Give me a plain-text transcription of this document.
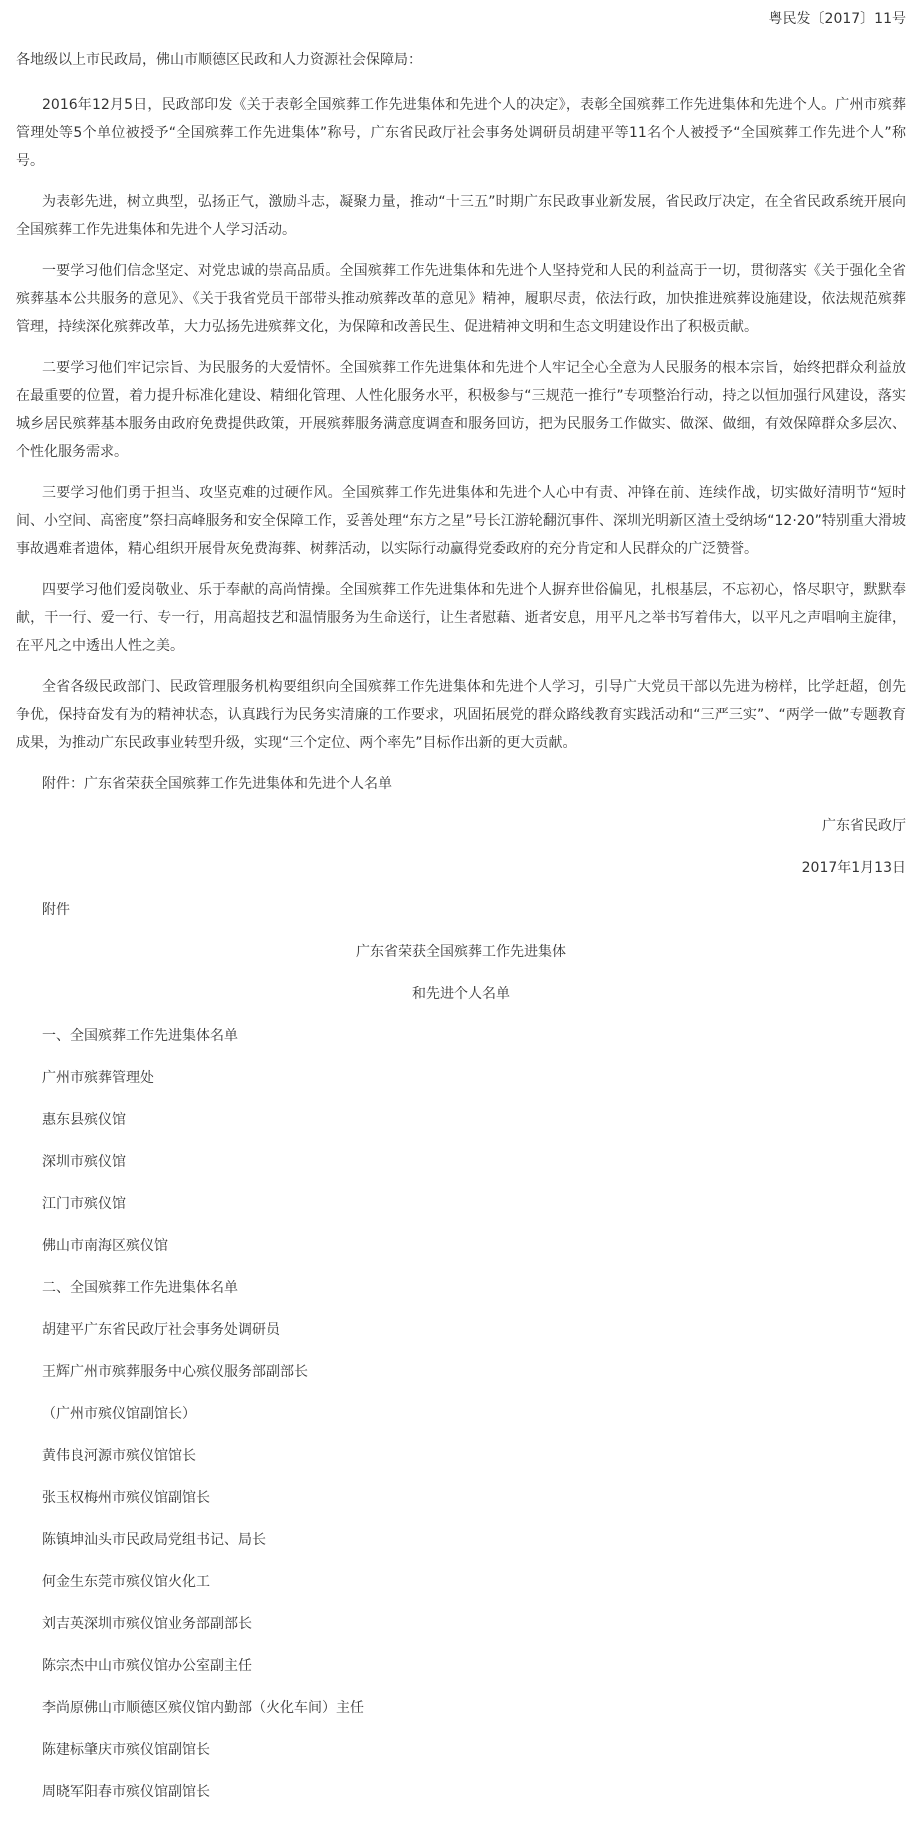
粤民发〔2017〕11号
各地级以上市民政局，佛山市顺德区民政和人力资源社会保障局：

2016年12月5日，民政部印发《关于表彰全国殡葬工作先进集体和先进个人的决定》，表彰全国殡葬工作先进集体和先进个人。广州市殡葬管理处等5个单位被授予“全国殡葬工作先进集体”称号，广东省民政厅社会事务处调研员胡建平等11名个人被授予“全国殡葬工作先进个人”称号。

为表彰先进，树立典型，弘扬正气，激励斗志，凝聚力量，推动“十三五”时期广东民政事业新发展，省民政厅决定，在全省民政系统开展向全国殡葬工作先进集体和先进个人学习活动。

一要学习他们信念坚定、对党忠诚的崇高品质。全国殡葬工作先进集体和先进个人坚持党和人民的利益高于一切，贯彻落实《关于强化全省殡葬基本公共服务的意见》、《关于我省党员干部带头推动殡葬改革的意见》精神，履职尽责，依法行政，加快推进殡葬设施建设，依法规范殡葬管理，持续深化殡葬改革，大力弘扬先进殡葬文化，为保障和改善民生、促进精神文明和生态文明建设作出了积极贡献。

二要学习他们牢记宗旨、为民服务的大爱情怀。全国殡葬工作先进集体和先进个人牢记全心全意为人民服务的根本宗旨，始终把群众利益放在最重要的位置，着力提升标准化建设、精细化管理、人性化服务水平，积极参与“三规范一推行”专项整治行动，持之以恒加强行风建设，落实城乡居民殡葬基本服务由政府免费提供政策，开展殡葬服务满意度调查和服务回访，把为民服务工作做实、做深、做细，有效保障群众多层次、个性化服务需求。

三要学习他们勇于担当、攻坚克难的过硬作风。全国殡葬工作先进集体和先进个人心中有责、冲锋在前、连续作战，切实做好清明节“短时间、小空间、高密度”祭扫高峰服务和安全保障工作，妥善处理“东方之星”号长江游轮翻沉事件、深圳光明新区渣土受纳场“12·20”特别重大滑坡事故遇难者遗体，精心组织开展骨灰免费海葬、树葬活动，以实际行动赢得党委政府的充分肯定和人民群众的广泛赞誉。

四要学习他们爱岗敬业、乐于奉献的高尚情操。全国殡葬工作先进集体和先进个人摒弃世俗偏见，扎根基层，不忘初心，恪尽职守，默默奉献，干一行、爱一行、专一行，用高超技艺和温情服务为生命送行，让生者慰藉、逝者安息，用平凡之举书写着伟大，以平凡之声唱响主旋律，在平凡之中透出人性之美。

全省各级民政部门、民政管理服务机构要组织向全国殡葬工作先进集体和先进个人学习，引导广大党员干部以先进为榜样，比学赶超，创先争优，保持奋发有为的精神状态，认真践行为民务实清廉的工作要求，巩固拓展党的群众路线教育实践活动和“三严三实”、“两学一做”专题教育成果，为推动广东民政事业转型升级，实现“三个定位、两个率先”目标作出新的更大贡献。

附件：广东省荣获全国殡葬工作先进集体和先进个人名单
广东省民政厅
2017年1月13日
附件
广东省荣获全国殡葬工作先进集体
和先进个人名单
一、全国殡葬工作先进集体名单
广州市殡葬管理处
惠东县殡仪馆
深圳市殡仪馆
江门市殡仪馆
佛山市南海区殡仪馆
二、全国殡葬工作先进集体名单
胡建平广东省民政厅社会事务处调研员
王辉广州市殡葬服务中心殡仪服务部副部长
（广州市殡仪馆副馆长）
黄伟良河源市殡仪馆馆长
张玉权梅州市殡仪馆副馆长
陈镇坤汕头市民政局党组书记、局长
何金生东莞市殡仪馆火化工
刘吉英深圳市殡仪馆业务部副部长
陈宗杰中山市殡仪馆办公室副主任
李尚原佛山市顺德区殡仪馆内勤部（火化车间）主任
陈建标肇庆市殡仪馆副馆长
周晓军阳春市殡仪馆副馆长
